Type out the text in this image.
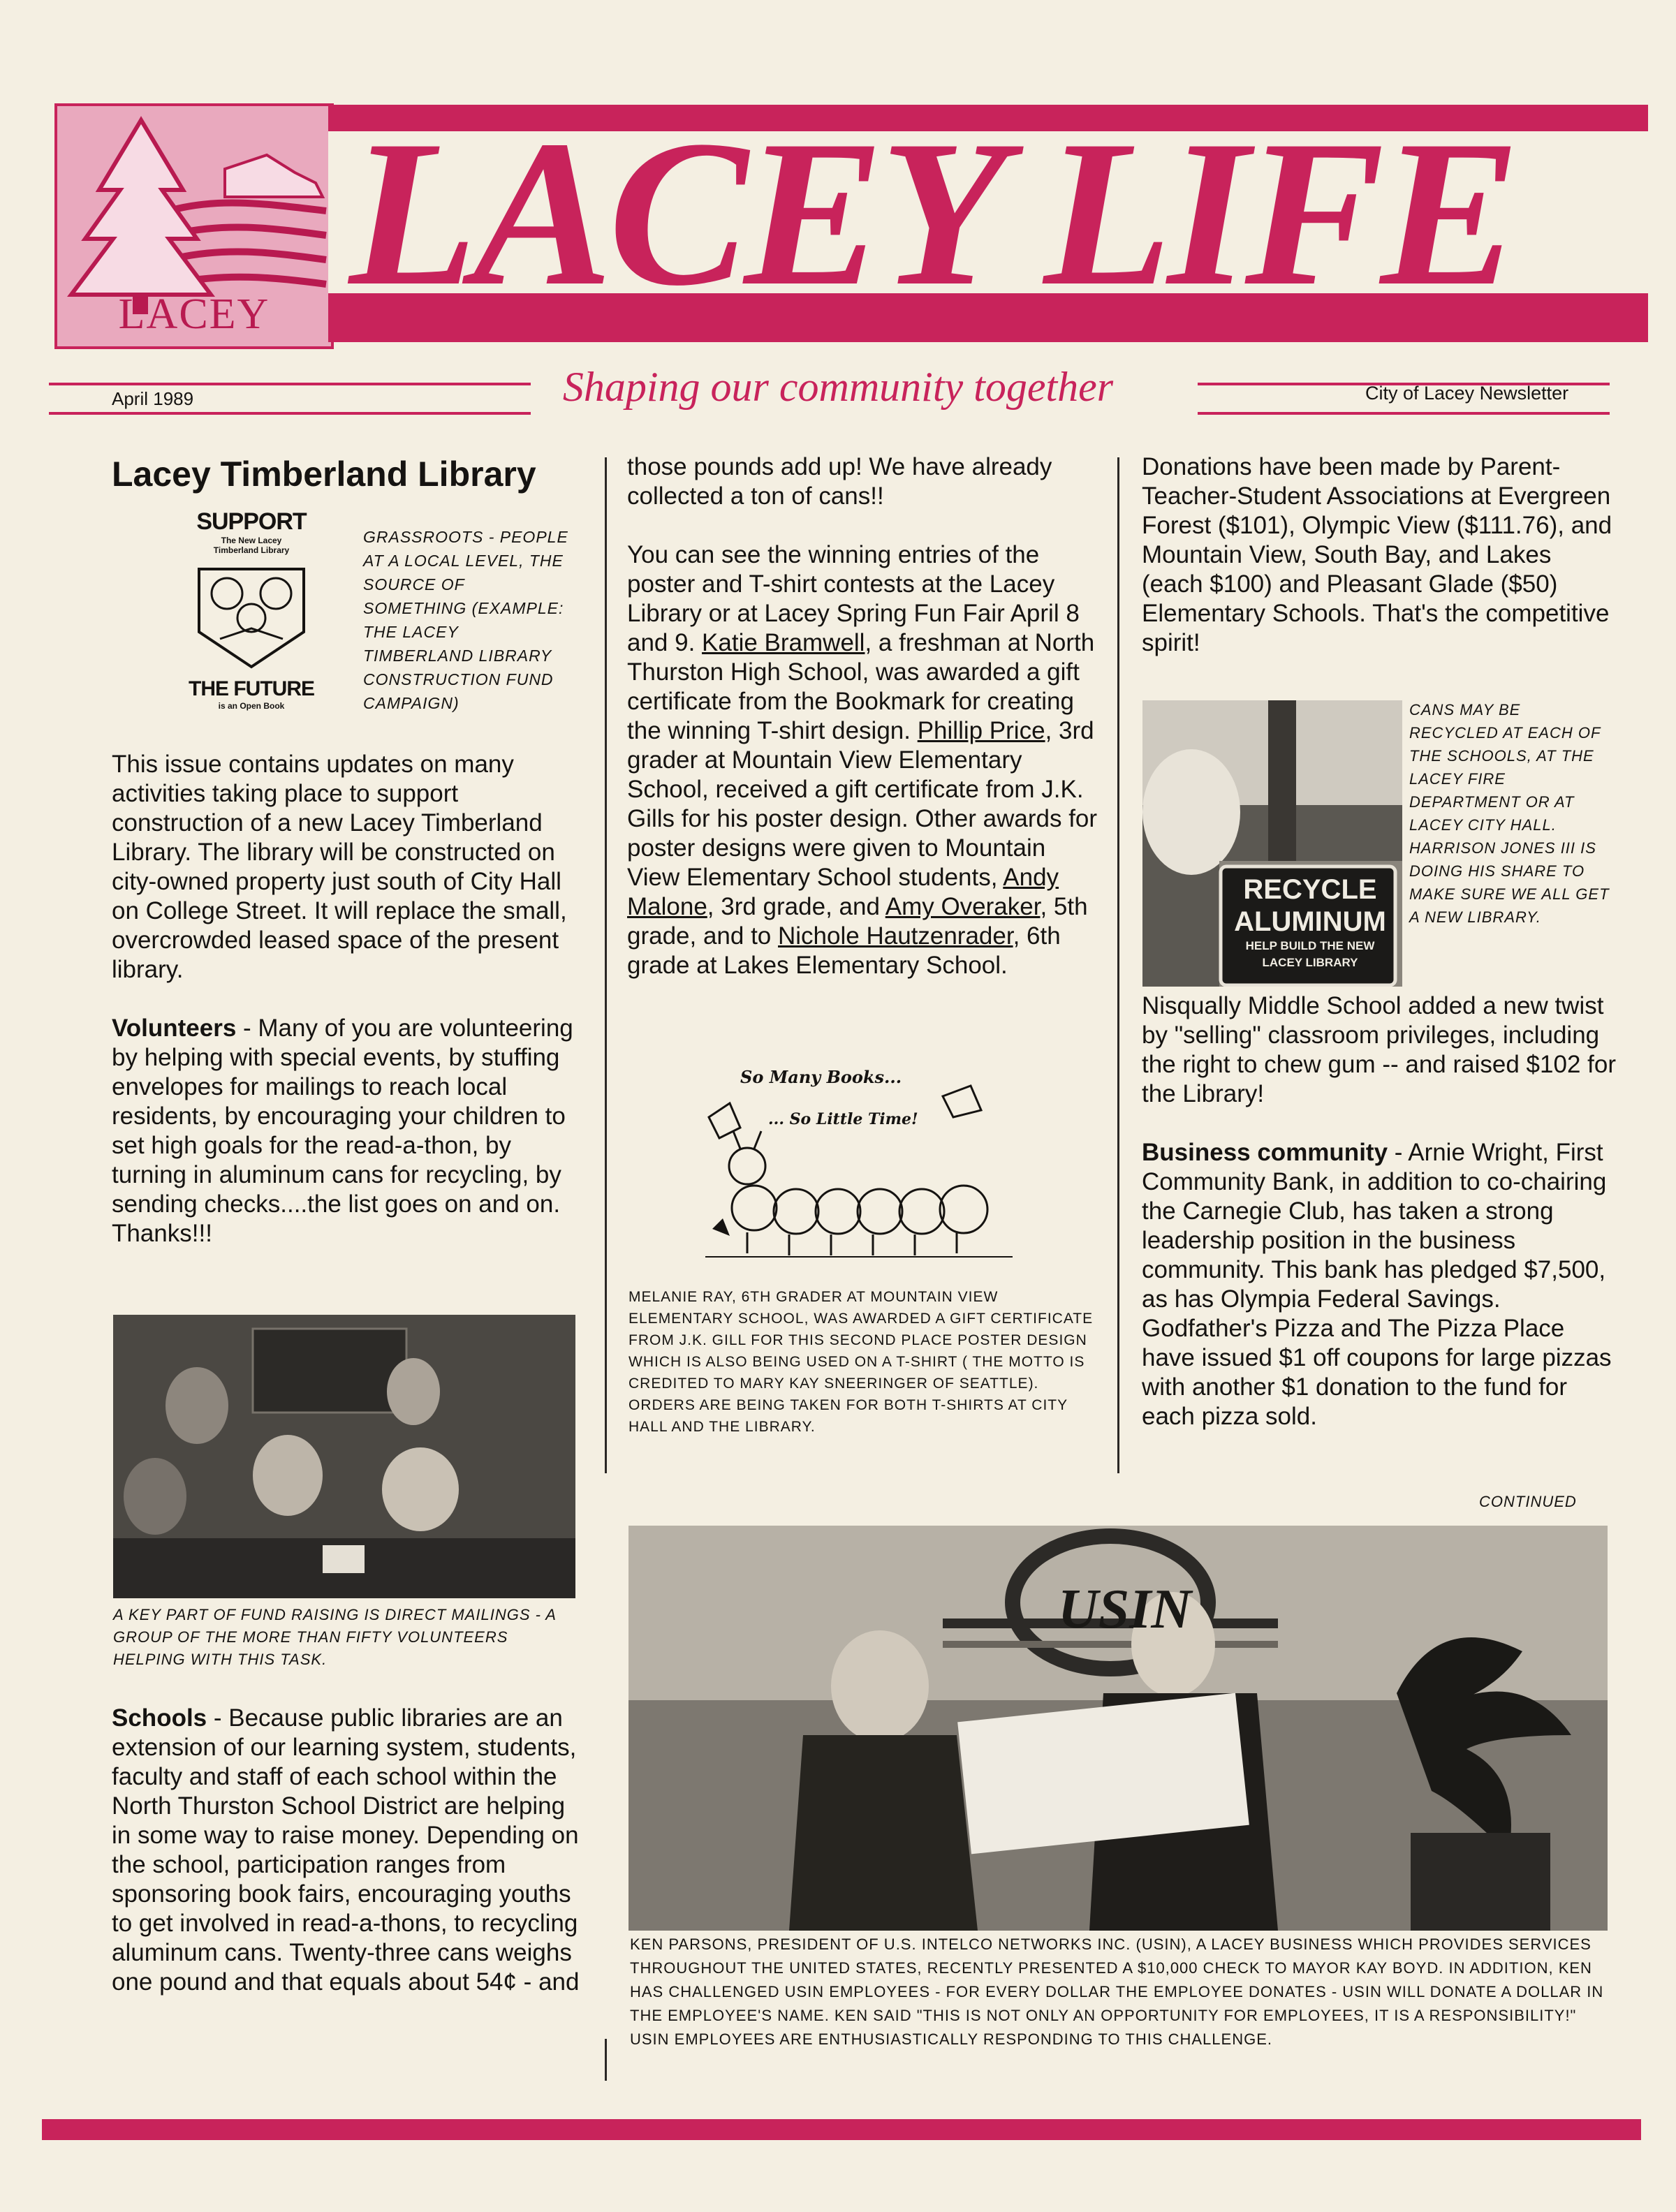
LACEY LACEY LIFE
April 1989	Shaping our community together	City of Lacey Newsletter
Lacey Timberland Library
SUPPORT
The New Lacey
Timberland Library
THE FUTURE
is an Open Book
GRASSROOTS - PEOPLE AT A LOCAL LEVEL, THE SOURCE OF SOMETHING (EXAMPLE: THE LACEY TIMBERLAND LIBRARY CONSTRUCTION FUND CAMPAIGN)

This issue contains updates on many activities taking place to support construction of a new Lacey Timberland Library. The library will be constructed on city-owned property just south of City Hall on College Street. It will replace the small, overcrowded leased space of the present library.

Volunteers - Many of you are volunteering by helping with special events, by stuffing envelopes for mailings to reach local residents, by encouraging your children to set high goals for the read-a-thon, by turning in aluminum cans for recycling, by sending checks....the list goes on and on. Thanks!!!

A KEY PART OF FUND RAISING IS DIRECT MAILINGS - A GROUP OF THE MORE THAN FIFTY VOLUNTEERS HELPING WITH THIS TASK.
Schools - Because public libraries are an extension of our learning system, students, faculty and staff of each school within the North Thurston School District are helping in some way to raise money. Depending on the school, participation ranges from sponsoring book fairs, encouraging youths to get involved in read-a-thons, to recycling aluminum cans. Twenty-three cans weighs one pound and that equals about 54¢ - and

those pounds add up! We have already collected a ton of cans!!

You can see the winning entries of the poster and T-shirt contests at the Lacey Library or at Lacey Spring Fun Fair April 8 and 9. Katie Bramwell, a freshman at North Thurston High School, was awarded a gift certificate from the Bookmark for creating the winning T-shirt design. Phillip Price, 3rd grader at Mountain View Elementary School, received a gift certificate from J.K. Gills for his poster design. Other awards for poster designs were given to Mountain View Elementary School students, Andy Malone, 3rd grade, and Amy Overaker, 5th grade, and to Nichole Hautzenrader, 6th grade at Lakes Elementary School.

So Many Books...
... So Little Time!
MELANIE RAY, 6TH GRADER AT MOUNTAIN VIEW ELEMENTARY SCHOOL, WAS AWARDED A GIFT CERTIFICATE FROM J.K. GILL FOR THIS SECOND PLACE POSTER DESIGN WHICH IS ALSO BEING USED ON A T-SHIRT ( THE MOTTO IS CREDITED TO MARY KAY SNEERINGER OF SEATTLE). ORDERS ARE BEING TAKEN FOR BOTH T-SHIRTS AT CITY HALL AND THE LIBRARY.
Donations have been made by Parent-Teacher-Student Associations at Evergreen Forest ($101), Olympic View ($111.76), and Mountain View, South Bay, and Lakes (each $100) and Pleasant Glade ($50) Elementary Schools. That's the competitive spirit!
RECYCLE
ALUMINUM
HELP BUILD THE NEW
LACEY LIBRARY
CANS MAY BE RECYCLED AT EACH OF THE SCHOOLS, AT THE LACEY FIRE DEPARTMENT OR AT LACEY CITY HALL. HARRISON JONES III IS DOING HIS SHARE TO MAKE SURE WE ALL GET A NEW LIBRARY.

Nisqually Middle School added a new twist by "selling" classroom privileges, including the right to chew gum -- and raised $102 for the Library!

Business community - Arnie Wright, First Community Bank, in addition to co-chairing the Carnegie Club, has taken a strong leadership position in the business community. This bank has pledged $7,500, as has Olympia Federal Savings. Godfather's Pizza and The Pizza Place have issued $1 off coupons for large pizzas with another $1 donation to the fund for each pizza sold.

CONTINUED
USIN
KEN PARSONS, PRESIDENT OF U.S. INTELCO NETWORKS INC. (USIN), A LACEY BUSINESS WHICH PROVIDES SERVICES THROUGHOUT THE UNITED STATES, RECENTLY PRESENTED A $10,000 CHECK TO MAYOR KAY BOYD. IN ADDITION, KEN HAS CHALLENGED USIN EMPLOYEES - FOR EVERY DOLLAR THE EMPLOYEE DONATES - USIN WILL DONATE A DOLLAR IN THE EMPLOYEE'S NAME. KEN SAID "THIS IS NOT ONLY AN OPPORTUNITY FOR EMPLOYEES, IT IS A RESPONSIBILITY!" USIN EMPLOYEES ARE ENTHUSIASTICALLY RESPONDING TO THIS CHALLENGE.
